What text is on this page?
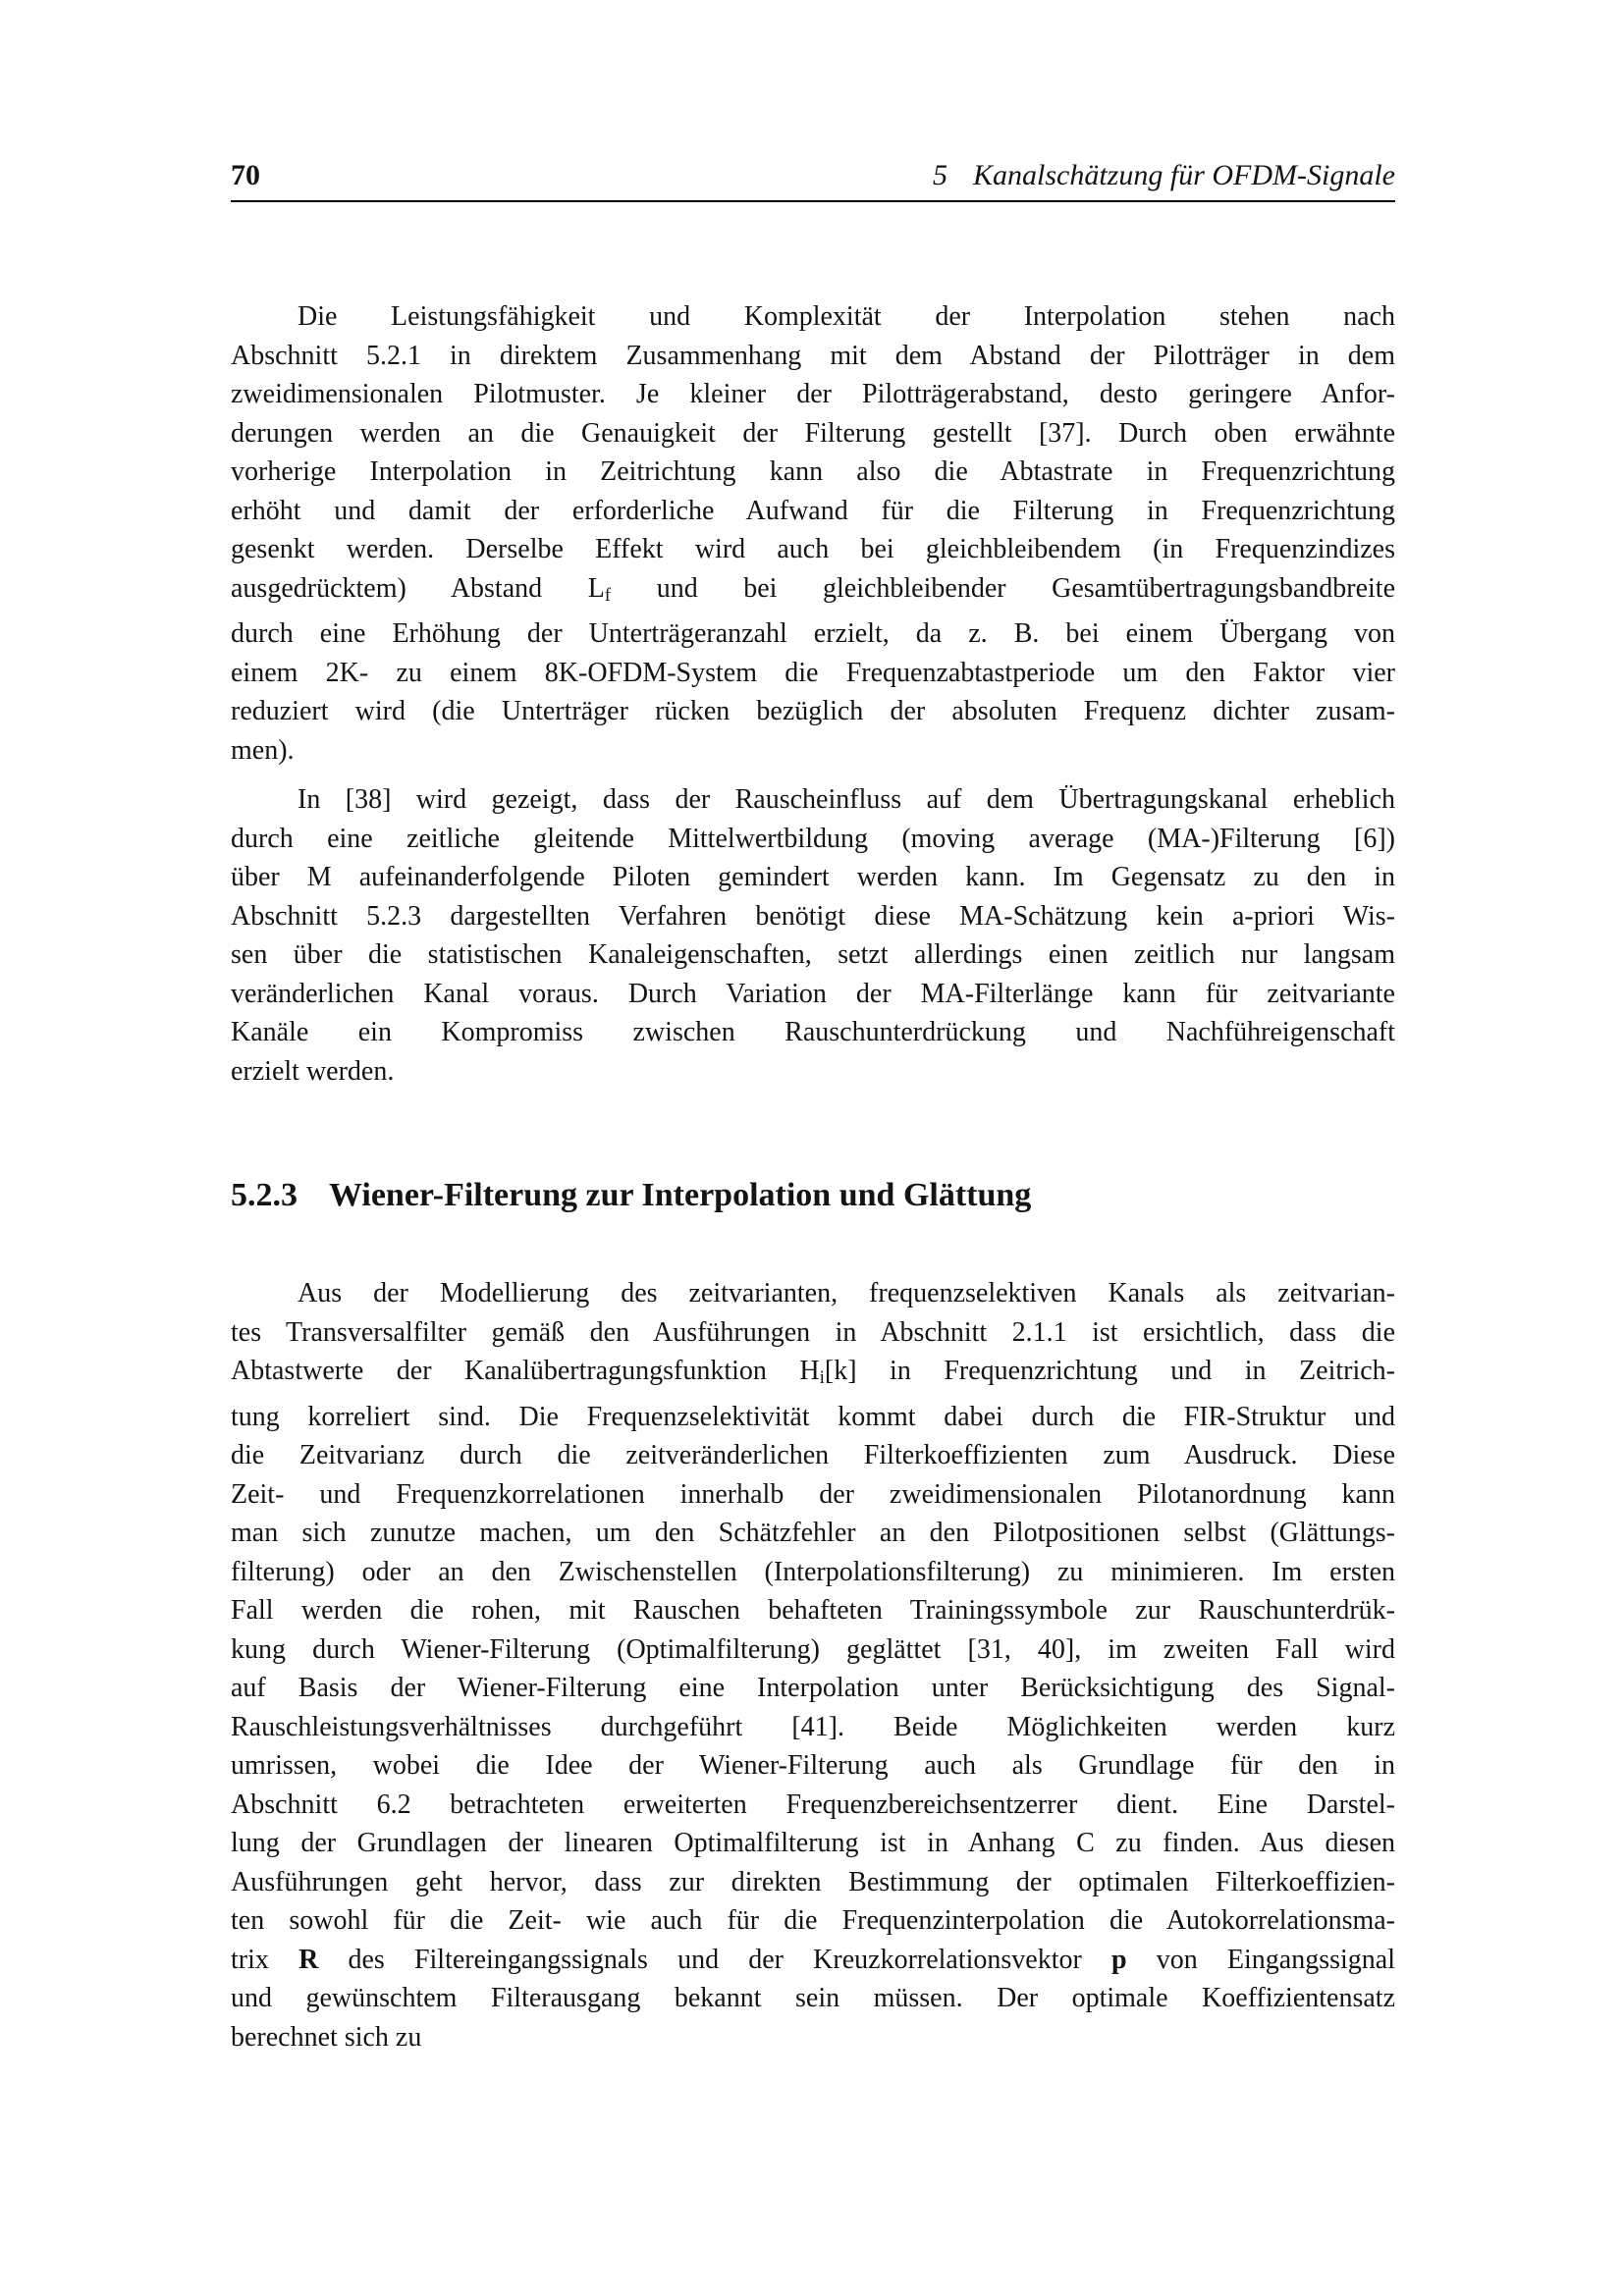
70	5 Kanalschätzung für OFDM-Signale
Die Leistungsfähigkeit und Komplexität der Interpolation stehen nach
Abschnitt 5.2.1 in direktem Zusammenhang mit dem Abstand der Pilotträger in dem
zweidimensionalen Pilotmuster. Je kleiner der Pilotträgerabstand, desto geringere Anfor-
derungen werden an die Genauigkeit der Filterung gestellt [37]. Durch oben erwähnte
vorherige Interpolation in Zeitrichtung kann also die Abtastrate in Frequenzrichtung
erhöht und damit der erforderliche Aufwand für die Filterung in Frequenzrichtung
gesenkt werden. Derselbe Effekt wird auch bei gleichbleibendem (in Frequenzindizes
ausgedrücktem) Abstand $L_f$ und bei gleichbleibender Gesamtübertragungsbandbreite
durch eine Erhöhung der Unterträgeranzahl erzielt, da z. B. bei einem Übergang von
einem 2K- zu einem 8K-OFDM-System die Frequenzabtastperiode um den Faktor vier
reduziert wird (die Unterträger rücken bezüglich der absoluten Frequenz dichter zusam-
men).
In [38] wird gezeigt, dass der Rauscheinfluss auf dem Übertragungskanal erheblich
durch eine zeitliche gleitende Mittelwertbildung (moving average (MA-)Filterung [6])
über M aufeinanderfolgende Piloten gemindert werden kann. Im Gegensatz zu den in
Abschnitt 5.2.3 dargestellten Verfahren benötigt diese MA-Schätzung kein a-priori Wis-
sen über die statistischen Kanaleigenschaften, setzt allerdings einen zeitlich nur langsam
veränderlichen Kanal voraus. Durch Variation der MA-Filterlänge kann für zeitvariante
Kanäle ein Kompromiss zwischen Rauschunterdrückung und Nachführeigenschaft
erzielt werden.
5.2.3 Wiener-Filterung zur Interpolation und Glättung
Aus der Modellierung des zeitvarianten, frequenzselektiven Kanals als zeitvarian-
tes Transversalfilter gemäß den Ausführungen in Abschnitt 2.1.1 ist ersichtlich, dass die
Abtastwerte der Kanalübertragungsfunktion $H_i[k]$ in Frequenzrichtung und in Zeitrich-
tung korreliert sind. Die Frequenzselektivität kommt dabei durch die FIR-Struktur und
die Zeitvarianz durch die zeitveränderlichen Filterkoeffizienten zum Ausdruck. Diese
Zeit- und Frequenzkorrelationen innerhalb der zweidimensionalen Pilotanordnung kann
man sich zunutze machen, um den Schätzfehler an den Pilotpositionen selbst (Glättungs-
filterung) oder an den Zwischenstellen (Interpolationsfilterung) zu minimieren. Im ersten
Fall werden die rohen, mit Rauschen behafteten Trainingssymbole zur Rauschunterdrük-
kung durch Wiener-Filterung (Optimalfilterung) geglättet [31, 40], im zweiten Fall wird
auf Basis der Wiener-Filterung eine Interpolation unter Berücksichtigung des Signal-
Rauschleistungsverhältnisses durchgeführt [41]. Beide Möglichkeiten werden kurz
umrissen, wobei die Idee der Wiener-Filterung auch als Grundlage für den in
Abschnitt 6.2 betrachteten erweiterten Frequenzbereichsentzerrer dient. Eine Darstel-
lung der Grundlagen der linearen Optimalfilterung ist in Anhang C zu finden. Aus diesen
Ausführungen geht hervor, dass zur direkten Bestimmung der optimalen Filterkoeffizien-
ten sowohl für die Zeit- wie auch für die Frequenzinterpolation die Autokorrelationsma-
trix R des Filtereingangssignals und der Kreuzkorrelationsvektor p von Eingangssignal
und gewünschtem Filterausgang bekannt sein müssen. Der optimale Koeffizientensatz
berechnet sich zu
